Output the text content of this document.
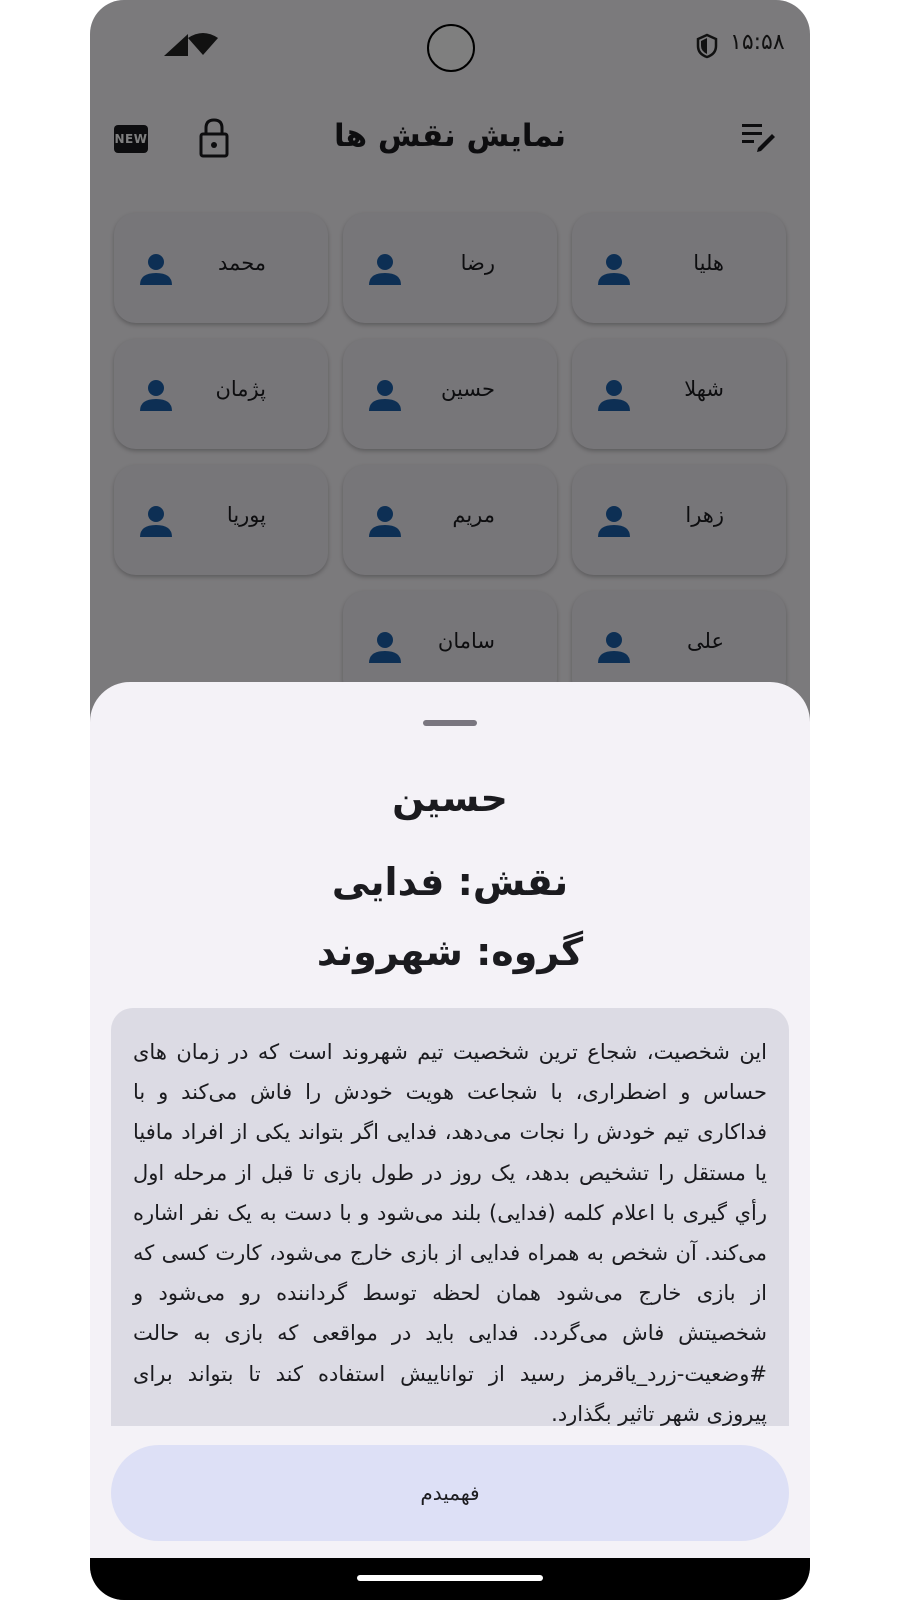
حسین
نقش: فدایی
گروه: شهروند
این شخصیت، شجاع ترین شخصیت تیم شهروند است که در زمان های حساس و اضطراری، با شجاعت هویت خودش را فاش می‌کند و با فداکاری تیم خودش را نجات می‌دهد، فدایی اگر بتواند یکی از افراد مافیا یا مستقل را تشخیص بدهد، یک روز در طول بازی تا قبل از مرحله اول رأي گیری با اعلام کلمه (فدایی) بلند می‌شود و با دست به یک نفر اشاره می‌کند. آن شخص به همراه فدایی از بازی خارج می‌شود، کارت کسی که از بازی خارج می‌شود همان لحظه توسط گرداننده رو می‌شود و شخصیتش فاش می‌گردد. فدایی باید در مواقعی که بازی به حالت #وضعیت-زرد_یاقرمز رسید از تواناییش استفاده کند تا بتواند برای پیروزی شهر تاثیر بگذارد.
فهمیدم
